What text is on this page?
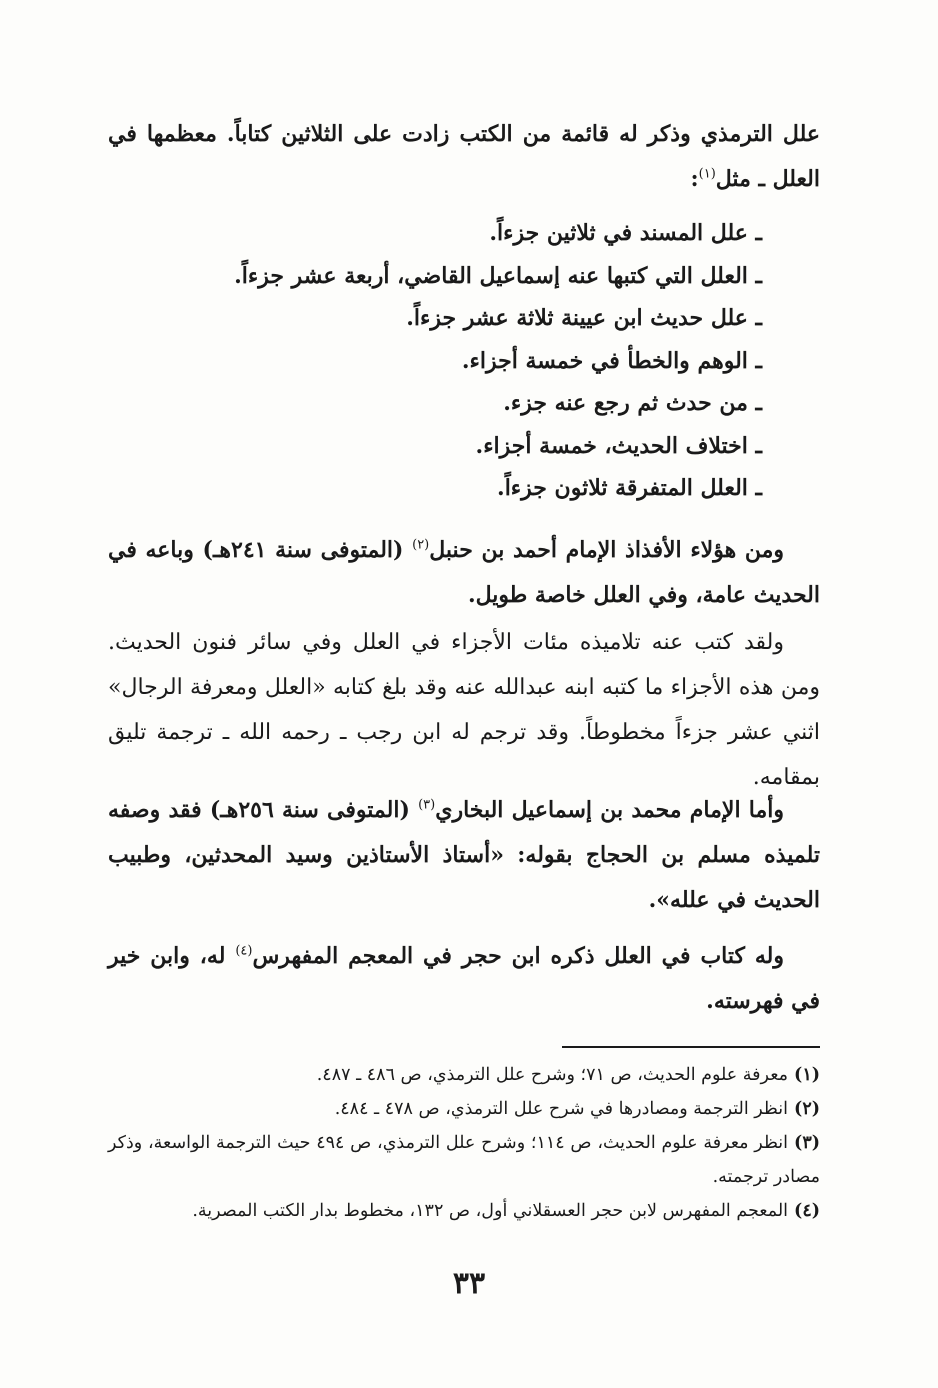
علل الترمذي وذكر له قائمة من الكتب زادت على الثلاثين كتاباً. معظمها في العلل ـ مثل$^{(١)}$:

ـ علل المسند في ثلاثين جزءاً.
ـ العلل التي كتبها عنه إسماعيل القاضي، أربعة عشر جزءاً.
ـ علل حديث ابن عيينة ثلاثة عشر جزءاً.
ـ الوهم والخطأ في خمسة أجزاء.
ـ من حدث ثم رجع عنه جزء.
ـ اختلاف الحديث، خمسة أجزاء.
ـ العلل المتفرقة ثلاثون جزءاً.

ومن هؤلاء الأفذاذ الإمام أحمد بن حنبل$^{(٢)}$ (المتوفى سنة ٢٤١هـ) وباعه في الحديث عامة، وفي العلل خاصة طويل.

ولقد كتب عنه تلاميذه مئات الأجزاء في العلل وفي سائر فنون الحديث. ومن هذه الأجزاء ما كتبه ابنه عبدالله عنه وقد بلغ كتابه «العلل ومعرفة الرجال» اثني عشر جزءاً مخطوطاً. وقد ترجم له ابن رجب ـ رحمه الله ـ ترجمة تليق بمقامه.

وأما الإمام محمد بن إسماعيل البخاري$^{(٣)}$ (المتوفى سنة ٢٥٦هـ) فقد وصفه تلميذه مسلم بن الحجاج بقوله: «أستاذ الأستاذين وسيد المحدثين، وطبيب الحديث في علله».

وله كتاب في العلل ذكره ابن حجر في المعجم المفهرس$^{(٤)}$ له، وابن خير في فهرسته.

(١)معرفة علوم الحديث، ص ٧١؛ وشرح علل الترمذي، ص ٤٨٦ ـ ٤٨٧.
(٢)انظر الترجمة ومصادرها في شرح علل الترمذي، ص ٤٧٨ ـ ٤٨٤.
(٣)انظر معرفة علوم الحديث، ص ١١٤؛ وشرح علل الترمذي، ص ٤٩٤ حيث الترجمة الواسعة، وذكر مصادر ترجمته.
(٤)المعجم المفهرس لابن حجر العسقلاني أول، ص ١٣٢، مخطوط بدار الكتب المصرية.
٣٣
